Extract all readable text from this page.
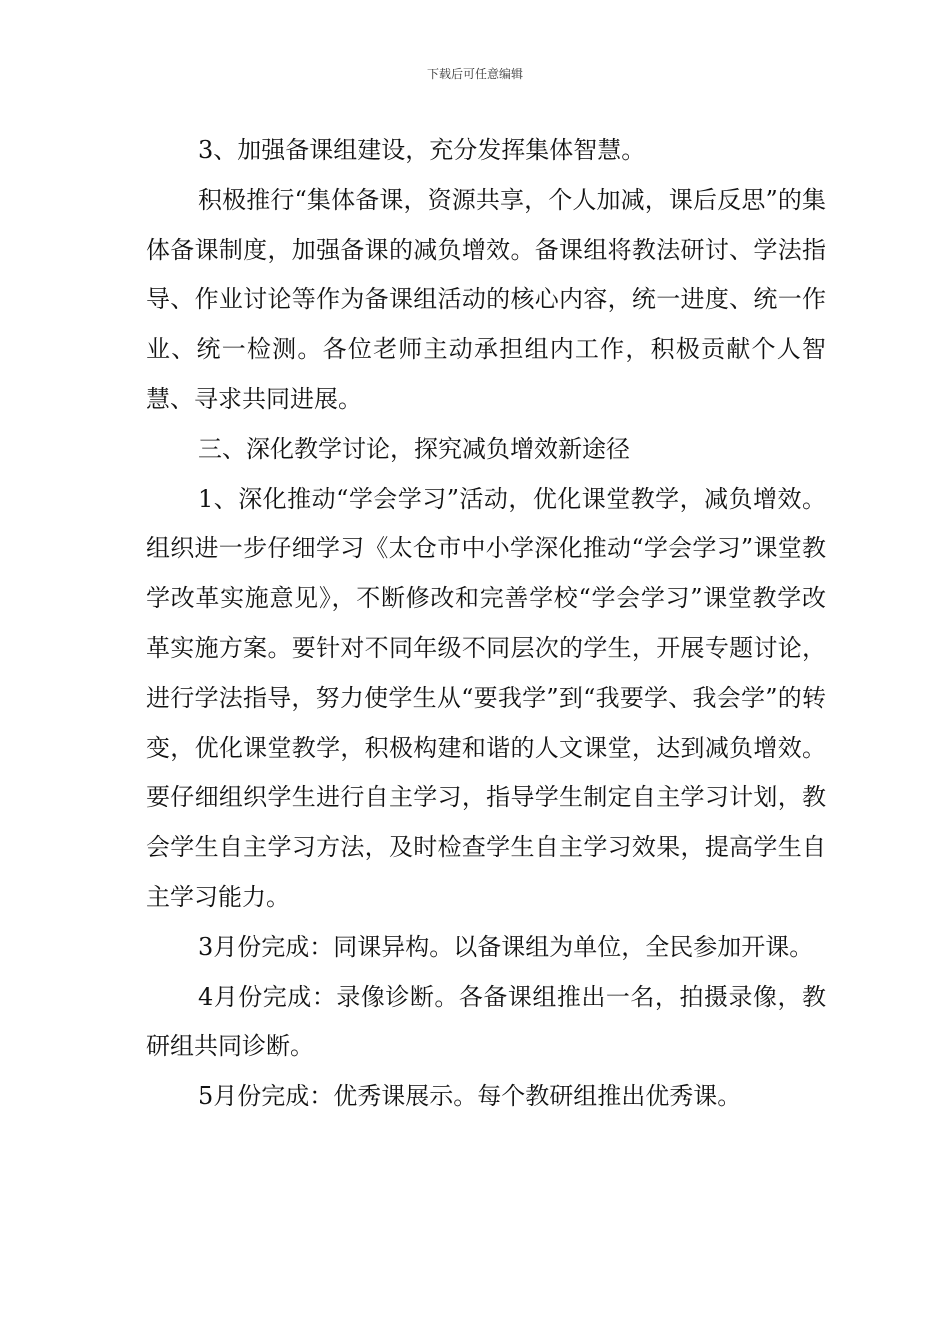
下载后可任意编辑

3、加强备课组建设，充分发挥集体智慧。

积极推行“集体备课，资源共享，个人加减，课后反思”的集体备课制度，加强备课的减负增效。备课组将教法研讨、学法指导、作业讨论等作为备课组活动的核心内容，统一进度、统一作业、统一检测。各位老师主动承担组内工作，积极贡献个人智慧、寻求共同进展。

三、深化教学讨论，探究减负增效新途径

1、深化推动“学会学习”活动，优化课堂教学，减负增效。组织进一步仔细学习《太仓市中小学深化推动“学会学习”课堂教学改革实施意见》，不断修改和完善学校“学会学习”课堂教学改革实施方案。要针对不同年级不同层次的学生，开展专题讨论，进行学法指导，努力使学生从“要我学”到“我要学、我会学”的转变，优化课堂教学，积极构建和谐的人文课堂，达到减负增效。要仔细组织学生进行自主学习，指导学生制定自主学习计划，教会学生自主学习方法，及时检查学生自主学习效果，提高学生自主学习能力。

3月份完成：同课异构。以备课组为单位，全民参加开课。

4月份完成：录像诊断。各备课组推出一名，拍摄录像，教研组共同诊断。

5月份完成：优秀课展示。每个教研组推出优秀课。
